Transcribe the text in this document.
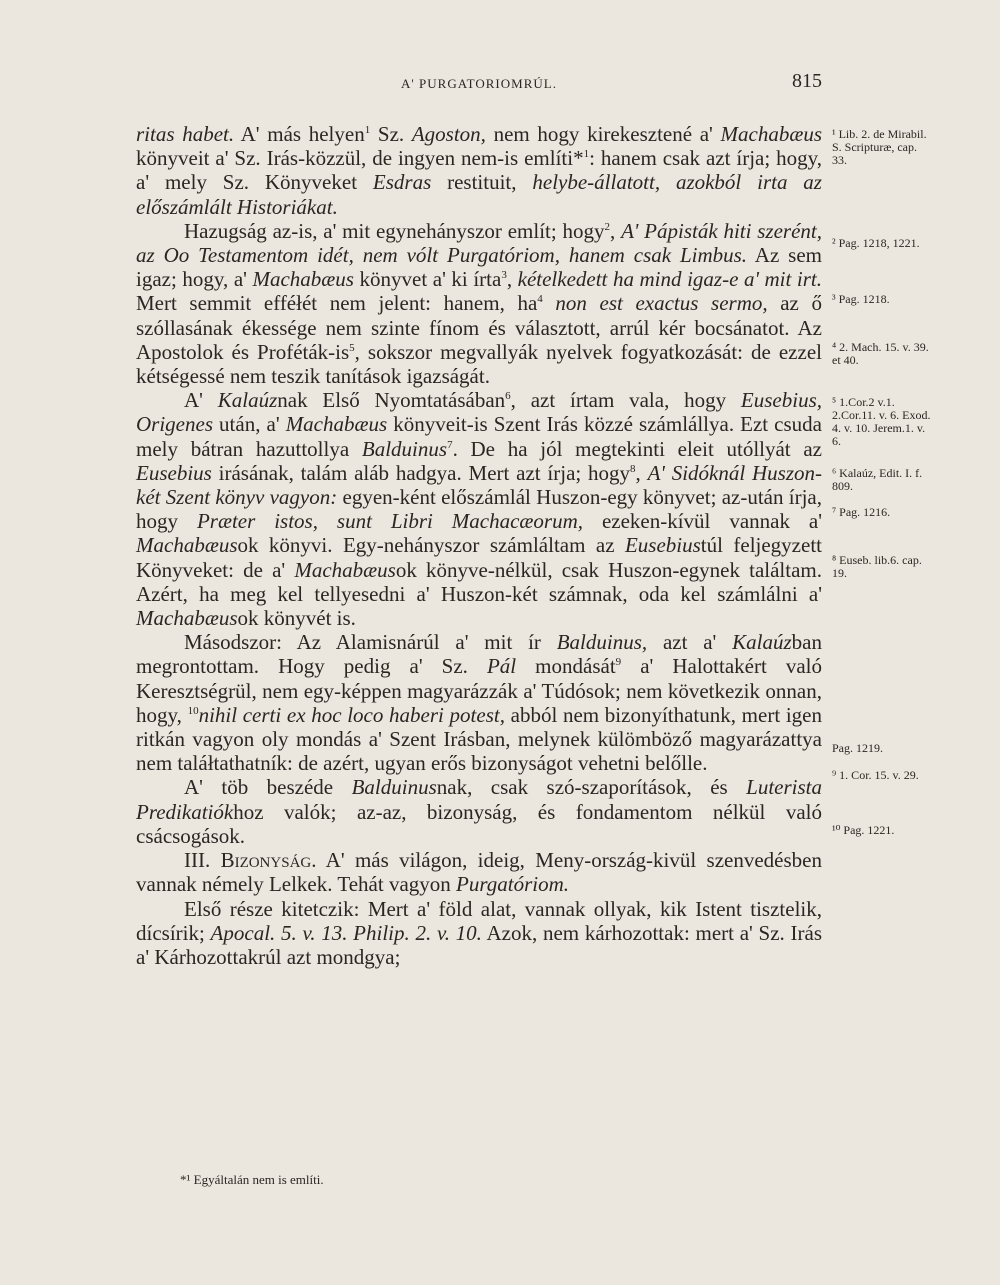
A' PURGATORIOMRÚL.	815

ritas habet. A' más helyen$^1$ Sz. Agoston, nem hogy kirekesztené a' Machabæus könyveit a' Sz. Irás-közzül, de ingyen nem-is említi*$^1$: hanem csak azt írja; hogy, a' mely Sz. Könyveket Esdras restituit, helybe-állatott, azokból irta az előszámlált Historiákat.

Hazugság az-is, a' mit egynehányszor említ; hogy$^2$, A' Pápisták hiti szerént, az Oo Testamentom idét, nem vólt Purgatóriom, hanem csak Limbus. Az sem igaz; hogy, a' Machabæus könyvet a' ki írta$^3$, kételkedett ha mind igaz-e a' mit irt. Mert semmit efféłét nem jelent: hanem, $ha^4$ non est exactus sermo, az ő szóllasának ékessége nem szinte fínom és választott, arrúl kér bocsánatot. Az Apostolok és Proféták-$is^5$, sokszor megvallyák nyelvek fogyatkozását: de ezzel kétségessé nem teszik tanítások igazságát.

A' Kalaúznak Első Nyomtatásában$^6$, azt írtam vala, hogy Eusebius, Origenes után, a' Machabæus könyveit-is Szent Irás közzé számlállya. Ezt csuda mely bátran hazuttollya Balduinus$^7$. De ha jól megtekinti eleit utóllyát az Eusebius irásának, talám aláb hadgya. Mert azt írja; hogy$^8$, A' Sidóknál Huszon-két Szent könyv vagyon: egyen-ként előszámlál Huszon-egy könyvet; az-után írja, hogy Præter istos, sunt Libri Machacæorum, ezeken-kívül vannak a' Machabæusok könyvi. Egy-nehányszor számláltam az Eusebiustúl feljegyzett Könyveket: de a' Machabæusok könyve-nélkül, csak Huszon-egynek találtam. Azért, ha meg kel tellyesedni a' Huszon-két számnak, oda kel számlálni a' Machabæusok könyvét is.

Másodszor: Az Alamisnárúl a' mit ír Balduinus, azt a' Kalaúzban megrontottam. Hogy pedig a' Sz. Pál mondását$^9$ a' Halottakért való Keresztségrül, nem egy-képpen magyarázzák a' Túdósok; nem következik onnan, hogy, $^{10}$nihil certi ex hoc loco haberi potest, abból nem bizonyíthatunk, mert igen ritkán vagyon oly mondás a' Szent Irásban, melynek külömböző magyarázattya nem taláłtathatník: de azért, ugyan erős bizonyságot vehetni belőlle.

A' töb beszéde Balduinusnak, csak szó-szaporítások, és Luterista Predikatiókhoz valók; az-az, bizonyság, és fondamentom nélkül való csácsogások.

III. Bizonyság. A' más világon, ideig, Meny-ország-kivül szenvedésben vannak némely Lelkek. Tehát vagyon Purgatóriom.

Első része kitetczik: Mert a' föld alat, vannak ollyak, kik Istent tisztelik, dícsírik; Apocal. 5. v. 13. Philip. 2. v. 10. Azok, nem kárhozottak: mert a' Sz. Irás a' Kárhozottakrúl azt mondgya;

¹ Lib. 2. de Mirabil. S. Scripturæ, cap. 33.
² Pag. 1218, 1221.
³ Pag. 1218.
⁴ 2. Mach. 15. v. 39. et 40.
⁵ 1.Cor.2 v.1. 2.Cor.11. v. 6. Exod. 4. v. 10. Jerem.1. v. 6.
⁶ Kalaúz, Edit. I. f. 809.
⁷ Pag. 1216.
⁸ Euseb. lib.6. cap. 19.
Pag. 1219.
⁹ 1. Cor. 15. v. 29.
¹⁰ Pag. 1221.
*¹ Egyáltalán nem is említi.
